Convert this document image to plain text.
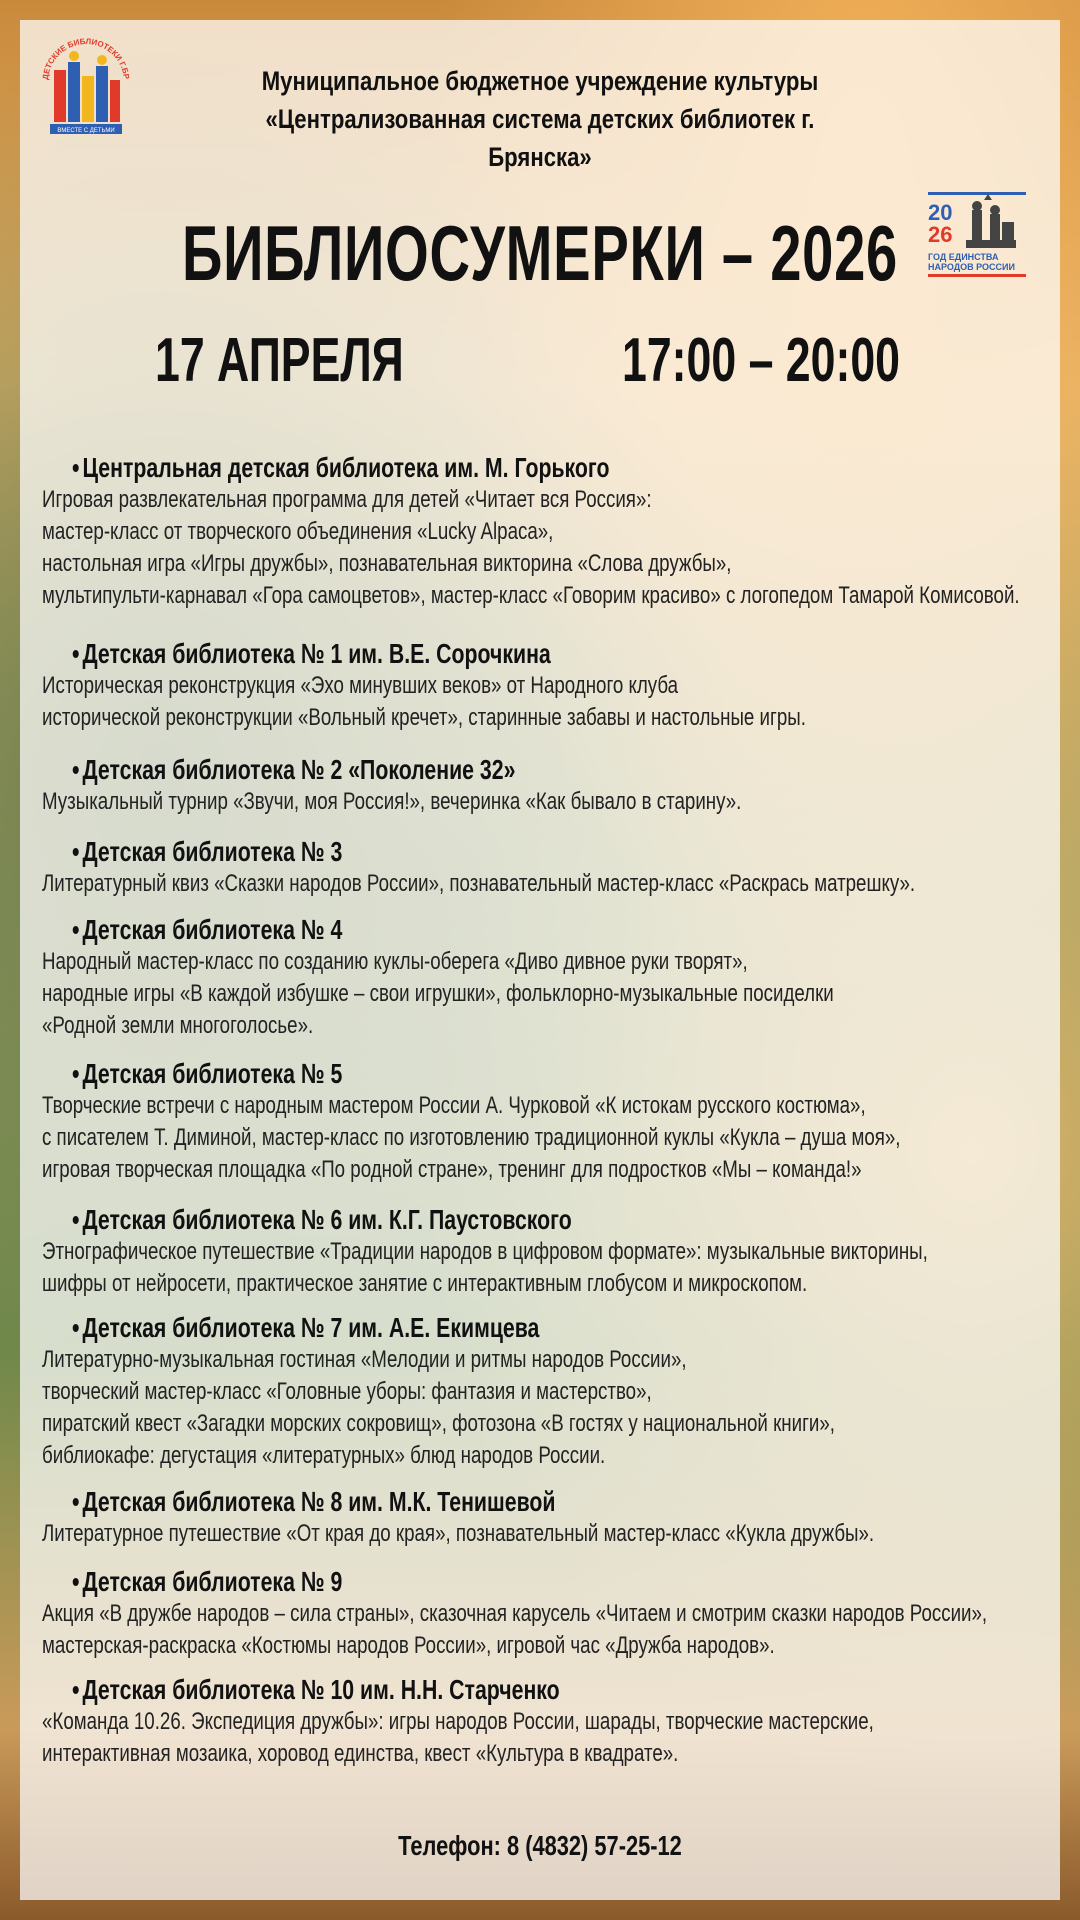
ДЕТСКИЕ БИБЛИОТЕКИ Г.БР
ВМЕСТЕ С ДЕТЬМИ
Муниципальное бюджетное учреждение культуры
«Централизованная система детских библиотек г. Брянска»
20
26
ГОД ЕДИНСТВА
НАРОДОВ РОССИИ
БИБЛИОСУМЕРКИ – 2026
17 АПРЕЛЯ	17:00 – 20:00
• Центральная детская библиотека им. М. Горького
Игровая развлекательная программа для детей «Читает вся Россия»:
мастер-класс от творческого объединения «Lucky Alpaca»,
настольная игра «Игры дружбы», познавательная викторина «Слова дружбы»,
мультипульти-карнавал «Гора самоцветов», мастер-класс «Говорим красиво» с логопедом Тамарой Комисовой.
• Детская библиотека № 1 им. В.Е. Сорочкина
Историческая реконструкция «Эхо минувших веков» от Народного клуба
исторической реконструкции «Вольный кречет», старинные забавы и настольные игры.
• Детская библиотека № 2 «Поколение 32»
Музыкальный турнир «Звучи, моя Россия!», вечеринка «Как бывало в старину».
• Детская библиотека № 3
Литературный квиз «Сказки народов России», познавательный мастер-класс «Раскрась матрешку».
• Детская библиотека № 4
Народный мастер-класс по созданию куклы-оберега «Диво дивное руки творят»,
народные игры «В каждой избушке – свои игрушки», фольклорно-музыкальные посиделки
«Родной земли многоголосье».
• Детская библиотека № 5
Творческие встречи с народным мастером России А. Чурковой «К истокам русского костюма»,
с писателем Т. Диминой, мастер-класс по изготовлению традиционной куклы «Кукла – душа моя»,
игровая творческая площадка «По родной стране», тренинг для подростков «Мы – команда!»
• Детская библиотека № 6 им. К.Г. Паустовского
Этнографическое путешествие «Традиции народов в цифровом формате»: музыкальные викторины,
шифры от нейросети, практическое занятие с интерактивным глобусом и микроскопом.
• Детская библиотека № 7 им. А.Е. Екимцева
Литературно-музыкальная гостиная «Мелодии и ритмы народов России»,
творческий мастер-класс «Головные уборы: фантазия и мастерство»,
пиратский квест «Загадки морских сокровищ», фотозона «В гостях у национальной книги»,
библиокафе: дегустация «литературных» блюд народов России.
• Детская библиотека № 8 им. М.К. Тенишевой
Литературное путешествие «От края до края», познавательный мастер-класс «Кукла дружбы».
• Детская библиотека № 9
Акция «В дружбе народов – сила страны», сказочная карусель «Читаем и смотрим сказки народов России»,
мастерская-раскраска «Костюмы народов России», игровой час «Дружба народов».
• Детская библиотека № 10 им. Н.Н. Старченко
«Команда 10.26. Экспедиция дружбы»: игры народов России, шарады, творческие мастерские,
интерактивная мозаика, хоровод единства, квест «Культура в квадрате».
Телефон: 8 (4832) 57-25-12
